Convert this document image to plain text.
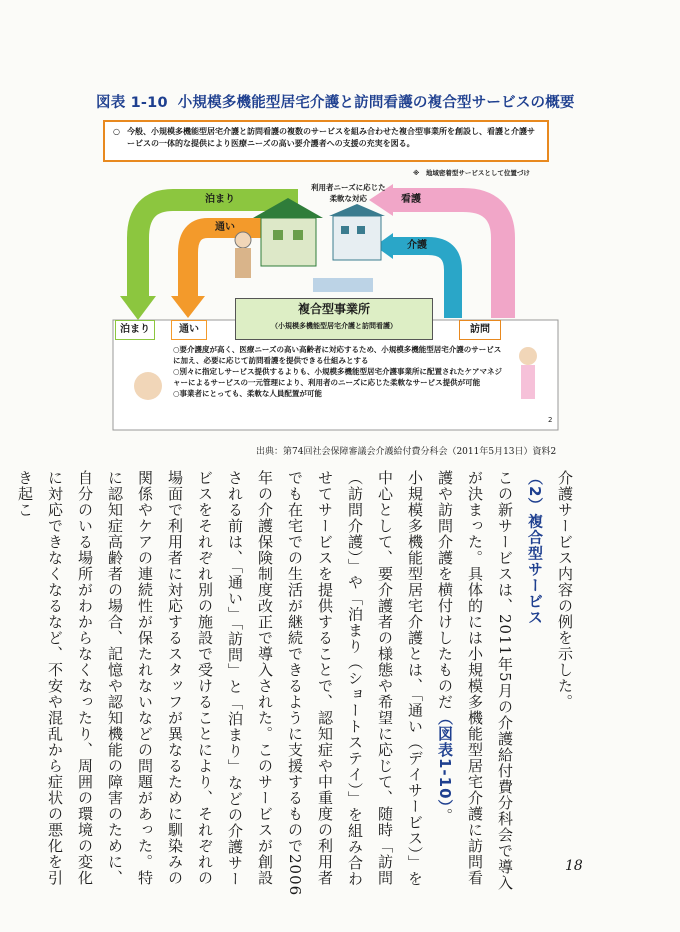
図表 1-10 小規模多機能型居宅介護と訪問看護の複合型サービスの概要
○ 今般、小規模多機能型居宅介護と訪問看護の複数のサービスを組み合わせた複合型事業所を創設し、看護と介護サービスの一体的な提供により医療ニーズの高い要介護者への支援の充実を図る。
※　地域密着型サービスとして位置づけ
泊まり
通い
利用者ニーズに応じた
柔軟な対応	看護
介護
泊まり	通い	訪問
複合型事業所
（小規模多機能型居宅介護と訪問看護）
○要介護度が高く、医療ニーズの高い高齢者に対応するため、小規模多機能型居宅介護のサービスに加え、必要に応じて訪問看護を提供できる仕組みとする
○別々に指定しサービス提供するよりも、小規模多機能型居宅介護事業所に配置されたケアマネジャーによるサービスの一元管理により、利用者のニーズに応じた柔軟なサービス提供が可能
○事業者にとっても、柔軟な人員配置が可能
2
出典：第74回社会保障審議会介護給付費分科会（2011年5月13日）資料2
介護サービス内容の例を示した。
（2）複合型サービス
この新サービスは、2011年5月の介護給付費分科会で導入が決まった。具体的には小規模多機能型居宅介護に訪問看護や訪問介護を横付けしたものだ（図表1-10）。
小規模多機能型居宅介護とは、「通い（デイサービス）」を中心として、要介護者の様態や希望に応じて、随時「訪問（訪問介護）」や「泊まり（ショートステイ）」を組み合わせてサービスを提供することで、認知症や中重度の利用者でも在宅での生活が継続できるように支援するもので2006年の介護保険制度改正で導入された。このサービスが創設される前は、「通い」「訪問」と「泊まり」などの介護サービスをそれぞれ別の施設で受けることにより、それぞれの場面で利用者に対応するスタッフが異なるために馴染みの関係やケアの連続性が保たれないなどの問題があった。特に認知症高齢者の場合、記憶や認知機能の障害のために、自分のいる場所がわからなくなったり、周囲の環境の変化に対応できなくなるなど、不安や混乱から症状の悪化を引き起こ
18
